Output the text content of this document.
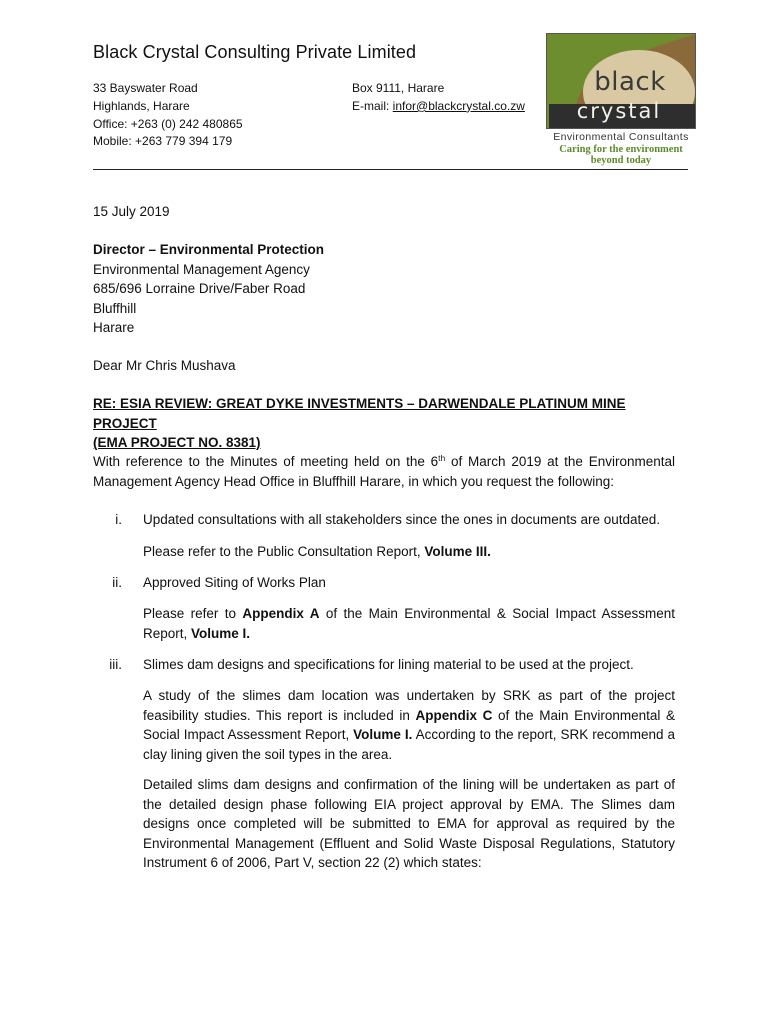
Black Crystal Consulting Private Limited
33 Bayswater Road
Highlands, Harare
Office: +263 (0) 242 480865
Mobile: +263 779 394 179
Box 9111, Harare
E-mail: infor@blackcrystal.co.zw
black
crystal
Environmental Consultants
Caring for the environment beyond today
15 July 2019
Director – Environmental Protection
Environmental Management Agency
685/696 Lorraine Drive/Faber Road
Bluffhill
Harare
Dear Mr Chris Mushava
RE: ESIA REVIEW: GREAT DYKE INVESTMENTS – DARWENDALE PLATINUM MINE PROJECT
(EMA PROJECT NO. 8381)
With reference to the Minutes of meeting held on the 6th of March 2019 at the Environmental Management Agency Head Office in Bluffhill Harare, in which you request the following:
i. Updated consultations with all stakeholders since the ones in documents are outdated.
Please refer to the Public Consultation Report, Volume III.
ii. Approved Siting of Works Plan
Please refer to Appendix A of the Main Environmental & Social Impact Assessment Report, Volume I.
iii. Slimes dam designs and specifications for lining material to be used at the project.
A study of the slimes dam location was undertaken by SRK as part of the project feasibility studies. This report is included in Appendix C of the Main Environmental & Social Impact Assessment Report, Volume I. According to the report, SRK recommend a clay lining given the soil types in the area.
Detailed slims dam designs and confirmation of the lining will be undertaken as part of the detailed design phase following EIA project approval by EMA. The Slimes dam designs once completed will be submitted to EMA for approval as required by the Environmental Management (Effluent and Solid Waste Disposal Regulations, Statutory Instrument 6 of 2006, Part V, section 22 (2) which states:
